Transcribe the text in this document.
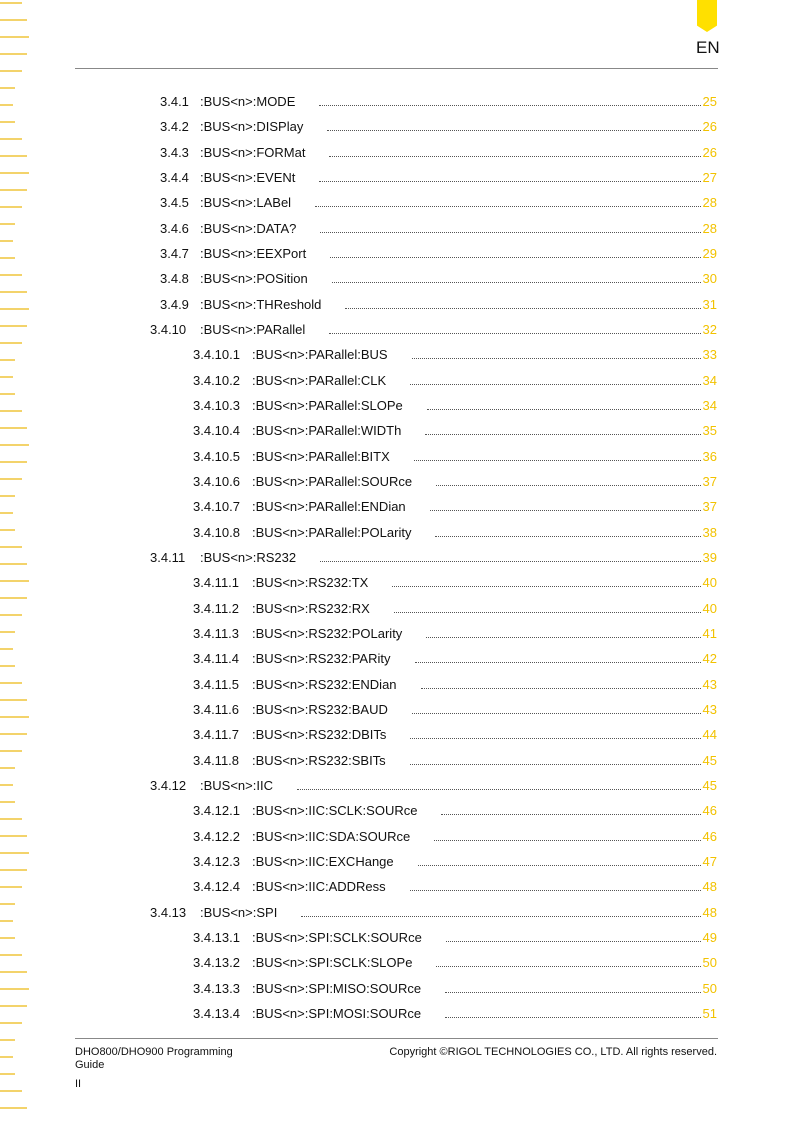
EN
3.4.1 :BUS<n>:MODE	25
3.4.2 :BUS<n>:DISPlay	26
3.4.3 :BUS<n>:FORMat	26
3.4.4 :BUS<n>:EVENt	27
3.4.5 :BUS<n>:LABel	28
3.4.6 :BUS<n>:DATA?	28
3.4.7 :BUS<n>:EEXPort	29
3.4.8 :BUS<n>:POSition	30
3.4.9 :BUS<n>:THReshold	31
3.4.10	:BUS<n>:PARallel	32
3.4.10.1 :BUS<n>:PARallel:BUS	33
3.4.10.2 :BUS<n>:PARallel:CLK	34
3.4.10.3 :BUS<n>:PARallel:SLOPe	34
3.4.10.4 :BUS<n>:PARallel:WIDTh	35
3.4.10.5 :BUS<n>:PARallel:BITX	36
3.4.10.6 :BUS<n>:PARallel:SOURce	37
3.4.10.7 :BUS<n>:PARallel:ENDian	37
3.4.10.8 :BUS<n>:PARallel:POLarity	38
3.4.11	:BUS<n>:RS232	39
3.4.11.1 :BUS<n>:RS232:TX	40
3.4.11.2 :BUS<n>:RS232:RX	40
3.4.11.3 :BUS<n>:RS232:POLarity	41
3.4.11.4 :BUS<n>:RS232:PARity	42
3.4.11.5 :BUS<n>:RS232:ENDian	43
3.4.11.6 :BUS<n>:RS232:BAUD	43
3.4.11.7 :BUS<n>:RS232:DBITs	44
3.4.11.8 :BUS<n>:RS232:SBITs	45
3.4.12	:BUS<n>:IIC	45
3.4.12.1 :BUS<n>:IIC:SCLK:SOURce	46
3.4.12.2 :BUS<n>:IIC:SDA:SOURce	46
3.4.12.3 :BUS<n>:IIC:EXCHange	47
3.4.12.4 :BUS<n>:IIC:ADDRess	48
3.4.13	:BUS<n>:SPI	48
3.4.13.1 :BUS<n>:SPI:SCLK:SOURce	49
3.4.13.2 :BUS<n>:SPI:SCLK:SLOPe	50
3.4.13.3 :BUS<n>:SPI:MISO:SOURce	50
3.4.13.4 :BUS<n>:SPI:MOSI:SOURce	51
DHO800/DHO900 Programming Guide
Copyright ©RIGOL TECHNOLOGIES CO., LTD. All rights reserved.
II
